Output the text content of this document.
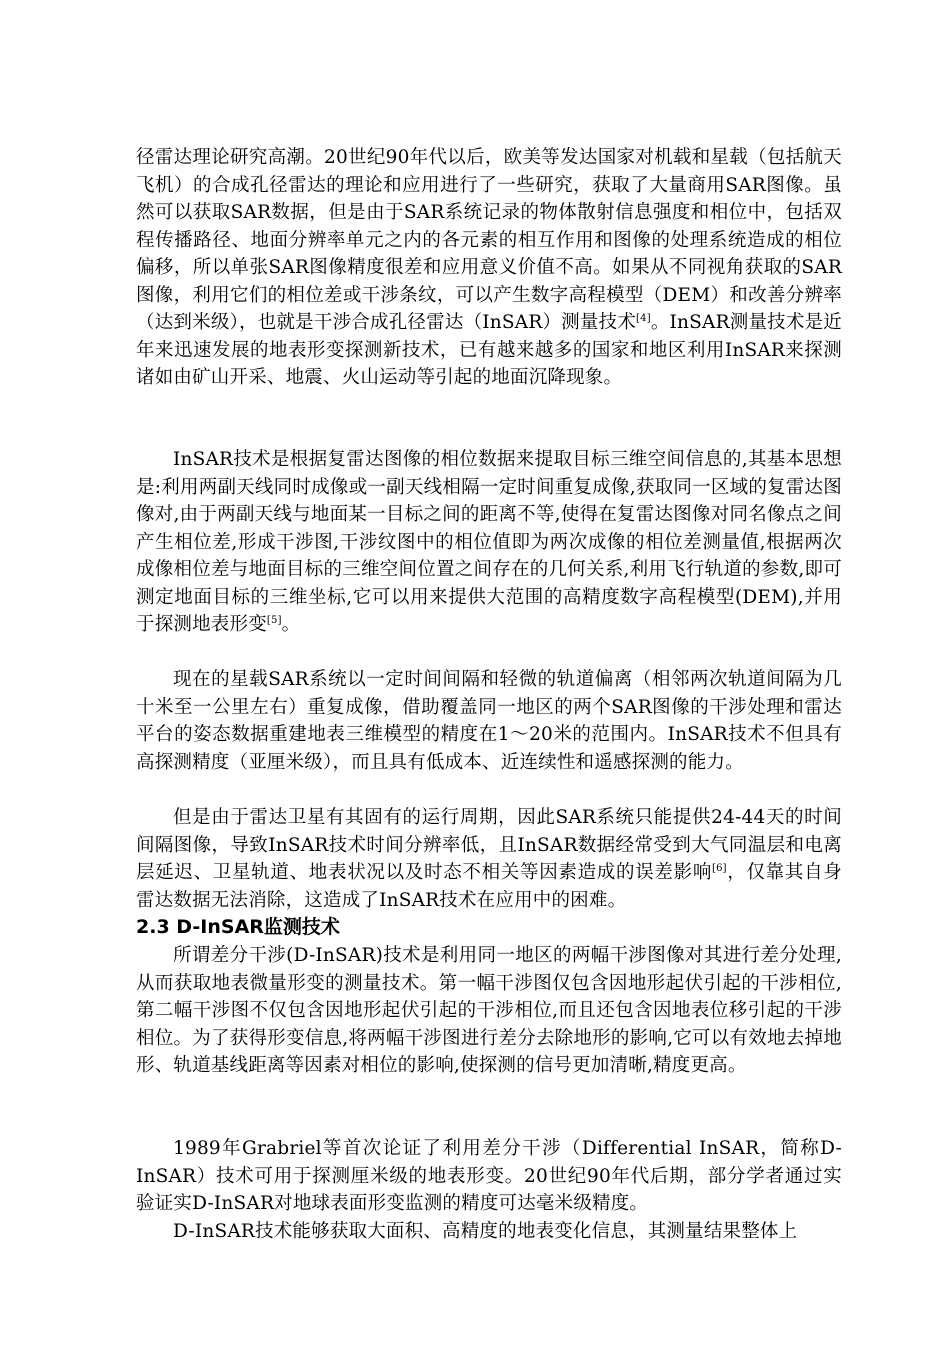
径雷达理论研究高潮。20世纪90年代以后，欧美等发达国家对机载和星载（包括航天飞机）的合成孔径雷达的理论和应用进行了一些研究，获取了大量商用SAR图像。虽然可以获取SAR数据，但是由于SAR系统记录的物体散射信息强度和相位中，包括双程传播路径、地面分辨率单元之内的各元素的相互作用和图像的处理系统造成的相位偏移，所以单张SAR图像精度很差和应用意义价值不高。如果从不同视角获取的SAR图像，利用它们的相位差或干涉条纹，可以产生数字高程模型（DEM）和改善分辨率（达到米级），也就是干涉合成孔径雷达（InSAR）测量技术[4]。InSAR测量技术是近年来迅速发展的地表形变探测新技术，已有越来越多的国家和地区利用InSAR来探测诸如由矿山开采、地震、火山运动等引起的地面沉降现象。

InSAR技术是根据复雷达图像的相位数据来提取目标三维空间信息的,其基本思想是:利用两副天线同时成像或一副天线相隔一定时间重复成像,获取同一区域的复雷达图像对,由于两副天线与地面某一目标之间的距离不等,使得在复雷达图像对同名像点之间产生相位差,形成干涉图,干涉纹图中的相位值即为两次成像的相位差测量值,根据两次成像相位差与地面目标的三维空间位置之间存在的几何关系,利用飞行轨道的参数,即可测定地面目标的三维坐标,它可以用来提供大范围的高精度数字高程模型(DEM),并用于探测地表形变[5]。

现在的星载SAR系统以一定时间间隔和轻微的轨道偏离（相邻两次轨道间隔为几十米至一公里左右）重复成像，借助覆盖同一地区的两个SAR图像的干涉处理和雷达平台的姿态数据重建地表三维模型的精度在1～20米的范围内。InSAR技术不但具有高探测精度（亚厘米级），而且具有低成本、近连续性和遥感探测的能力。

但是由于雷达卫星有其固有的运行周期，因此SAR系统只能提供24-44天的时间间隔图像，导致InSAR技术时间分辨率低，且InSAR数据经常受到大气同温层和电离层延迟、卫星轨道、地表状况以及时态不相关等因素造成的误差影响[6]，仅靠其自身雷达数据无法消除，这造成了InSAR技术在应用中的困难。

2.3 D-InSAR监测技术

所谓差分干涉(D-InSAR)技术是利用同一地区的两幅干涉图像对其进行差分处理,从而获取地表微量形变的测量技术。第一幅干涉图仅包含因地形起伏引起的干涉相位,第二幅干涉图不仅包含因地形起伏引起的干涉相位,而且还包含因地表位移引起的干涉相位。为了获得形变信息,将两幅干涉图进行差分去除地形的影响,它可以有效地去掉地形、轨道基线距离等因素对相位的影响,使探测的信号更加清晰,精度更高。

1989年Grabriel等首次论证了利用差分干涉（Differential InSAR，简称D-InSAR）技术可用于探测厘米级的地表形变。20世纪90年代后期，部分学者通过实验证实D-InSAR对地球表面形变监测的精度可达毫米级精度。

D-InSAR技术能够获取大面积、高精度的地表变化信息，其测量结果整体上
